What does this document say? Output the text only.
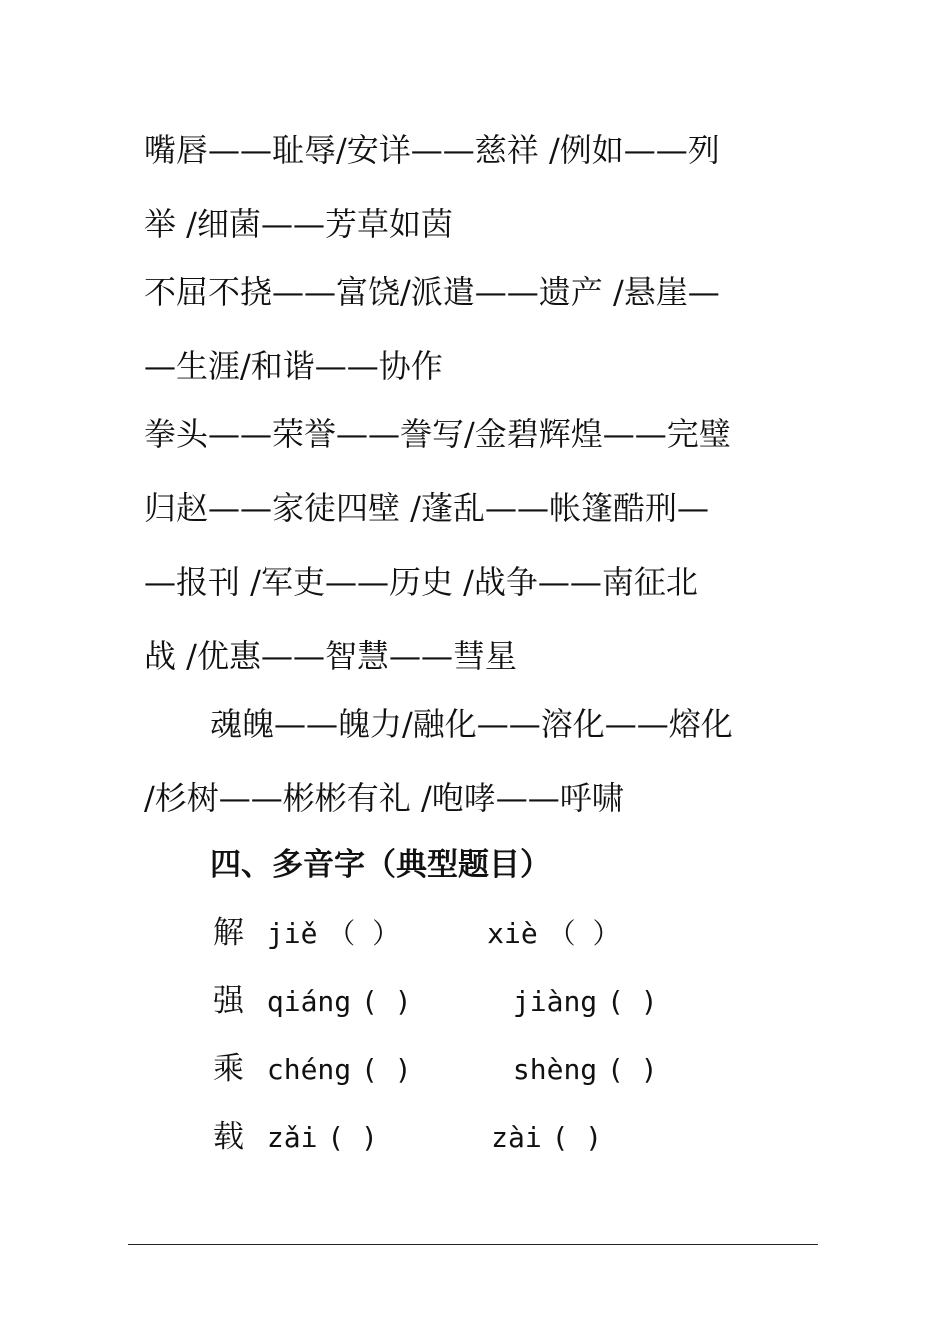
嘴唇——耻辱/安详——慈祥 /例如——列
举 /细菌——芳草如茵
不屈不挠——富饶/派遣——遗产 /悬崖—
—生涯/和谐——协作
拳头——荣誉——誊写/金碧辉煌——完璧
归赵——家徒四壁 /蓬乱——帐篷酷刑—
—报刊 /军吏——历史 /战争——南征北
战 /优惠——智慧——彗星
魂魄——魄力/融化——溶化——熔化
/杉树——彬彬有礼 /咆哮——呼啸
四、多音字（典型题目）
解 jiě （ ）	xiè （ ）
强 qiáng ( )	jiàng ( )
乘 chéng ( )	shèng ( )
载 zǎi ( )	zài ( )
